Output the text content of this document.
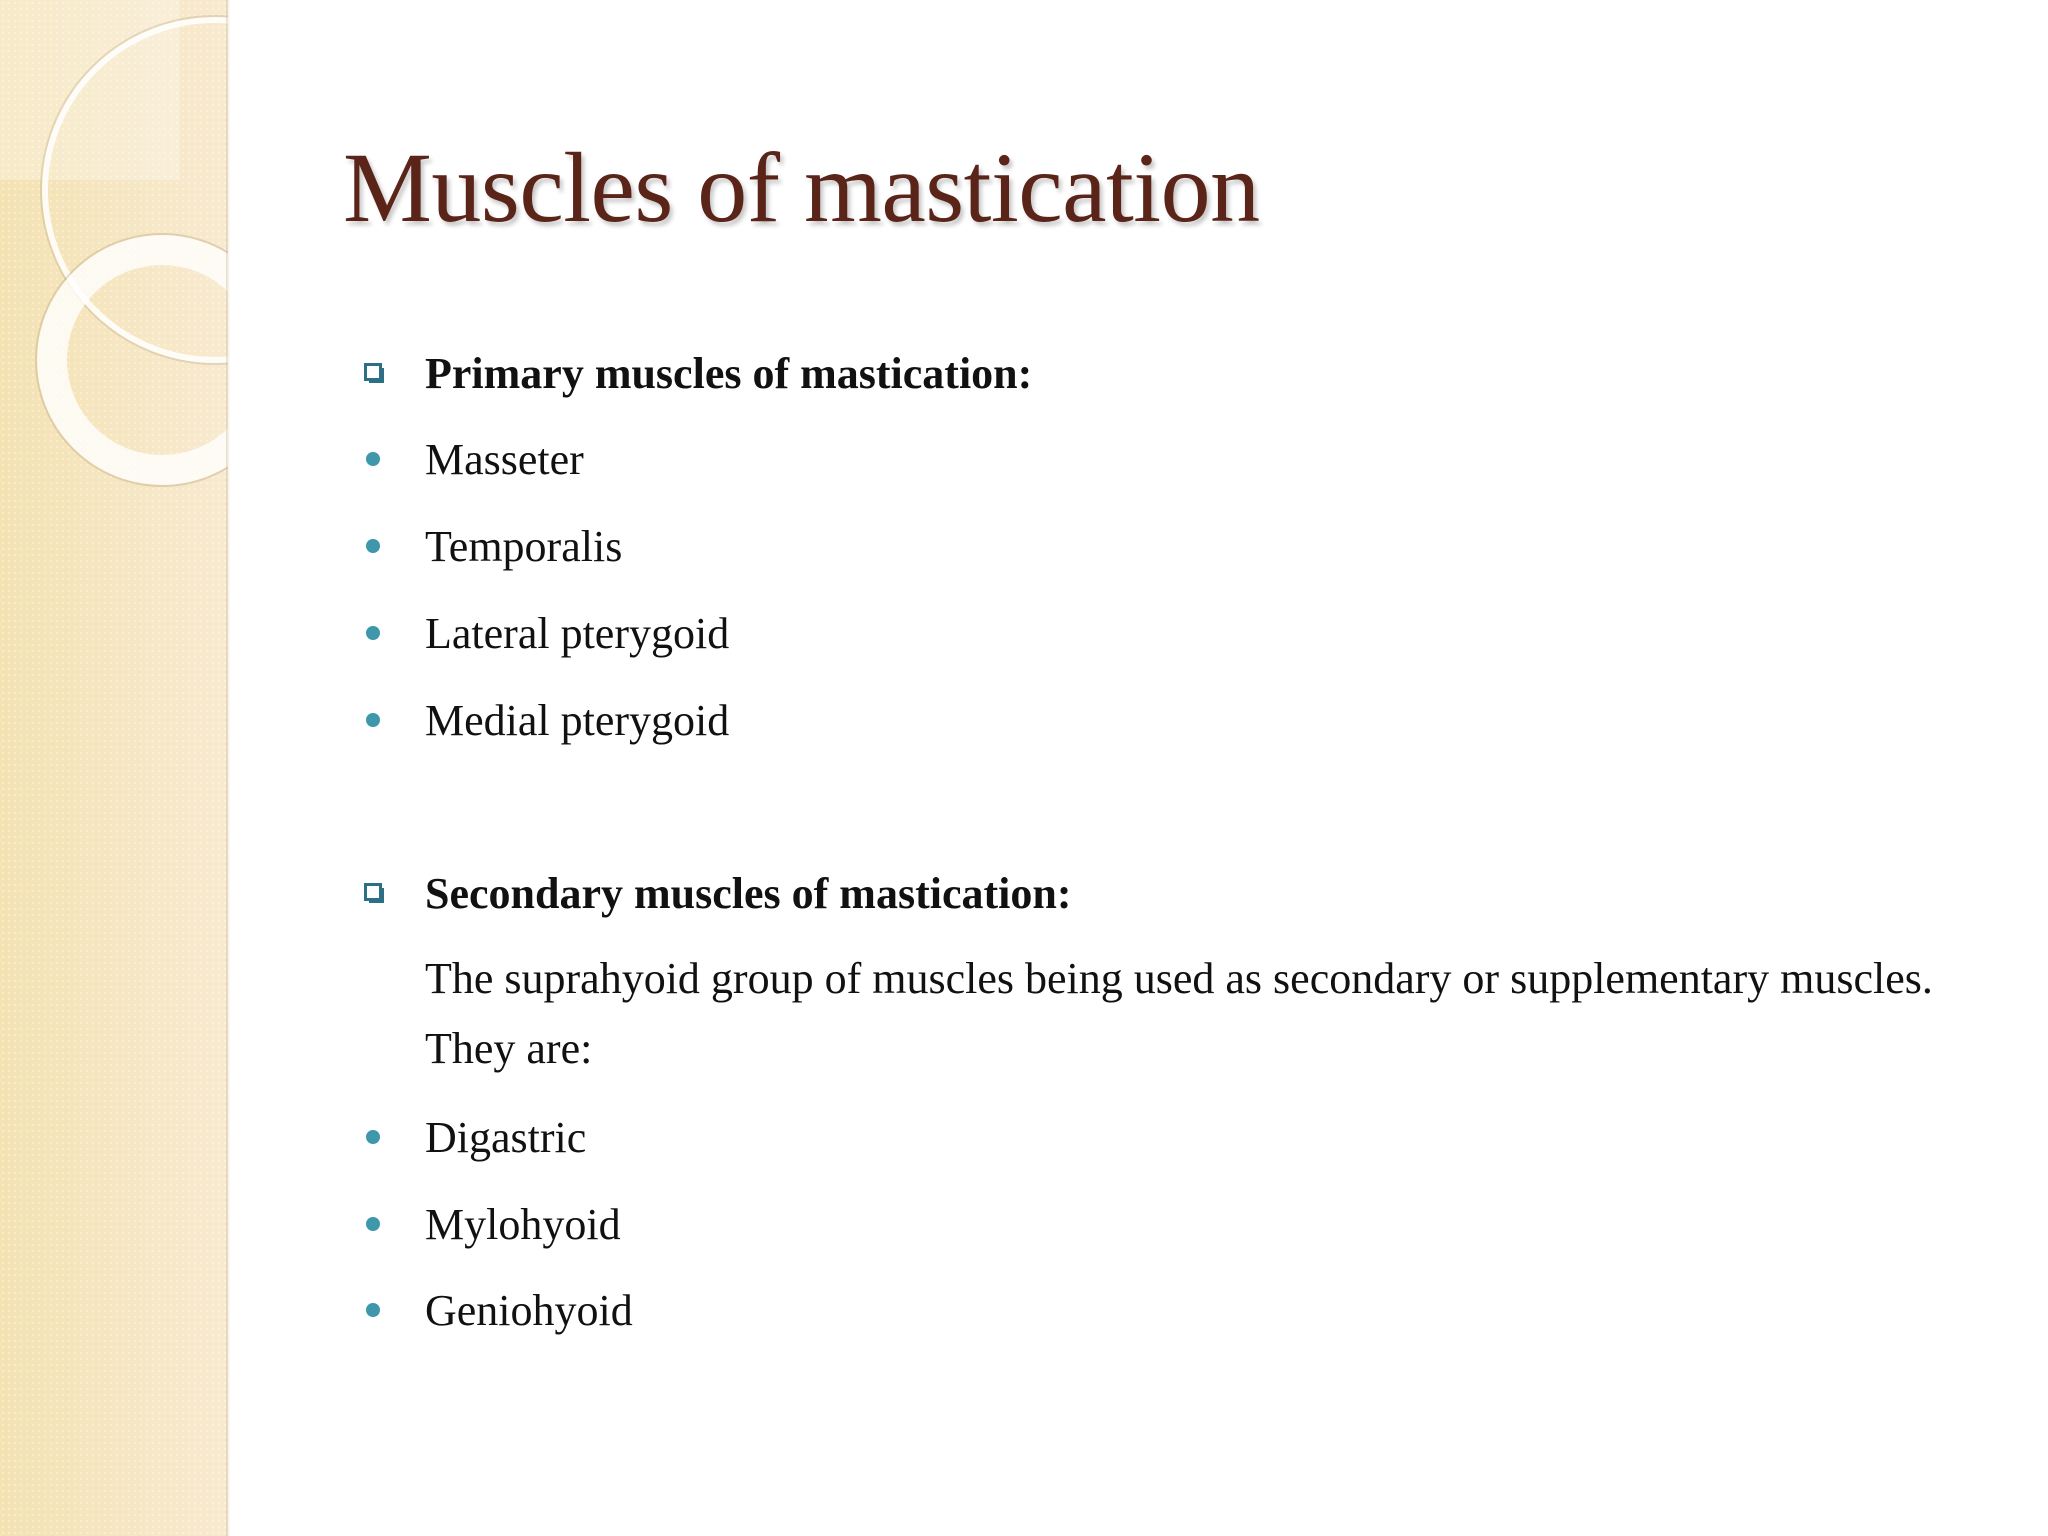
Muscles of mastication
Primary muscles of mastication:
Masseter
Temporalis
Lateral pterygoid
Medial pterygoid
Secondary muscles of mastication:
The suprahyoid group of muscles being used as secondary or supplementary muscles. They are:
Digastric
Mylohyoid
Geniohyoid
